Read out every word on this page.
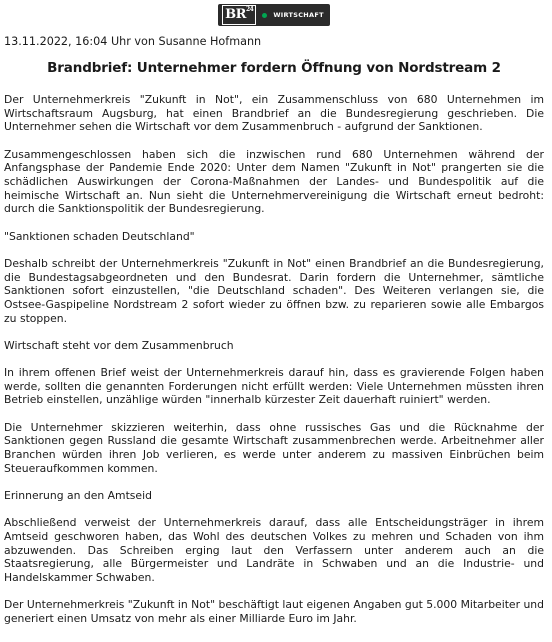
BR$^{24}$
WIRTSCHAFT
13.11.2022, 16:04 Uhr von Susanne Hofmann
Brandbrief: Unternehmer fordern Öffnung von Nordstream 2

Der Unternehmerkreis "Zukunft in Not", ein Zusammenschluss von 680 Unternehmen im Wirtschaftsraum Augsburg, hat einen Brandbrief an die Bundesregierung geschrieben. Die Unternehmer sehen die Wirtschaft vor dem Zusammenbruch - aufgrund der Sanktionen.

Zusammengeschlossen haben sich die inzwischen rund 680 Unternehmen während der Anfangsphase der Pandemie Ende 2020: Unter dem Namen "Zukunft in Not" prangerten sie die schädlichen Auswirkungen der Corona-Maßnahmen der Landes- und Bundespolitik auf die heimische Wirtschaft an. Nun sieht die Unternehmervereinigung die Wirtschaft erneut bedroht: durch die Sanktionspolitik der Bundesregierung.

"Sanktionen schaden Deutschland"

Deshalb schreibt der Unternehmerkreis "Zukunft in Not" einen Brandbrief an die Bundesregierung, die Bundestagsabgeordneten und den Bundesrat. Darin fordern die Unternehmer, sämtliche Sanktionen sofort einzustellen, "die Deutschland schaden". Des Weiteren verlangen sie, die Ostsee-Gaspipeline Nordstream 2 sofort wieder zu öffnen bzw. zu reparieren sowie alle Embargos zu stoppen.

Wirtschaft steht vor dem Zusammenbruch

In ihrem offenen Brief weist der Unternehmerkreis darauf hin, dass es gravierende Folgen haben werde, sollten die genannten Forderungen nicht erfüllt werden: Viele Unternehmen müssten ihren Betrieb einstellen, unzählige würden "innerhalb kürzester Zeit dauerhaft ruiniert" werden.

Die Unternehmer skizzieren weiterhin, dass ohne russisches Gas und die Rücknahme der Sanktionen gegen Russland die gesamte Wirtschaft zusammenbrechen werde. Arbeitnehmer aller Branchen würden ihren Job verlieren, es werde unter anderem zu massiven Einbrüchen beim Steueraufkommen kommen.

Erinnerung an den Amtseid

Abschließend verweist der Unternehmerkreis darauf, dass alle Entscheidungsträger in ihrem Amtseid geschworen haben, das Wohl des deutschen Volkes zu mehren und Schaden von ihm abzuwenden. Das Schreiben erging laut den Verfassern unter anderem auch an die Staatsregierung, alle Bürgermeister und Landräte in Schwaben und an die Industrie- und Handelskammer Schwaben.

Der Unternehmerkreis "Zukunft in Not" beschäftigt laut eigenen Angaben gut 5.000 Mitarbeiter und generiert einen Umsatz von mehr als einer Milliarde Euro im Jahr.
